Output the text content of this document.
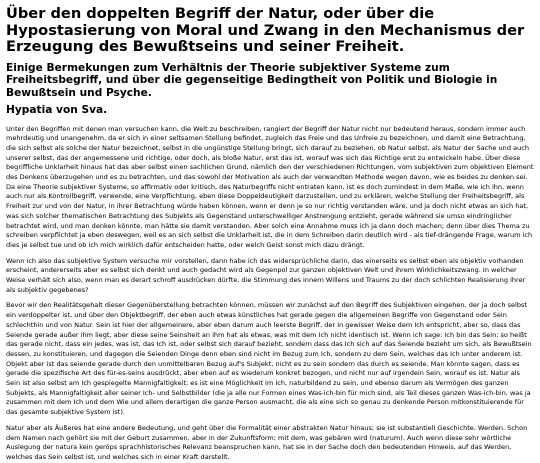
Über den doppelten Begriff der Natur, oder über die Hypostasierung von Moral und Zwang in den Mechanismus der Erzeugung des Bewußtseins und seiner Freiheit.
Einige Bermekungen zum Verhältnis der Theorie subjektiver Systeme zum Freiheitsbegriff, und über die gegenseitige Bedingtheit von Politik und Biologie in Bewußtsein und Psyche.
Hypatia von Sva.

Unter den Begriffen mit denen man versuchen kann, die Welt zu beschreiben, rangiert der Begriff der Natur nicht nur bedeutend heraus, sondern immer auch mehrdeutig und unangenehm, da er sich in einer seltsamen Stellung befindet, zugleich das Freie und das Unfreie zu bezeichnen, und damit eine Betrachtung, die sich selbst als solche der Natur bezeichnet, selbst in die ungünstige Stellung bringt, sich darauf zu beziehen, ob Natur selbst, als Natur der Sache und auch unserer selbst, das der angemessene und richtige, oder doch, als bloße Natur, erst das ist, worauf was sich das Richtige erst zu entwickeln habe. Über diese begriffliche Unklarheit hinaus hat das aber selbst einen sachlichen Grund, nämlich den der verschiedenen Richtungen, vom subjektiven zum objektiven Element des Denkens überzugehen und es zu betrachten, und das sowohl der Motivation als auch der verwandten Methode wegen davon, wie es beides zu denken sei. Da eine Theorie subjektiver Systeme, so affirmativ oder kritisch, des Naturbegriffs nicht entraten kann, ist es doch zumindest in dem Maße, wie ich ihn, wenn auch nur als Kontrollbegriff, verwende, eine Verpflichtung, eben diese Doppeldeutigkeit darzustellen, und zu erklären, welche Stellung der Freiheitsbegriff, als Freiheit zur und von der Natur, in ihrer Betrachtung würde haben können, wenn er denn je so nur richtig verstanden wäre, und ja doch nicht etwas an sich hat, was sich solcher thematischen Betrachtung des Subjekts als Gegenstand unterschwelliger Anstrengung entzieht, gerade während sie umso eindringlicher betrachtet wird, und man denken könnte, man hätte sie damit verstanden. Aber solch eine Annahme muss ich ja dann doch machen; denn über dies Thema zu schreiben verpflichtet ja eben deswegen, weil es an sich selbst die Unklarheit ist, die in dem Schreiben darin deutlich wird - als tief-drängende Frage, warum ich dies je selbst tue und ob ich mich wirklich dafür entscheiden hatte, oder welch Geist sonst mich dazu drängt.

Wenn ich also das subjektive System versuche mir vorstellen, dann habe ich das widersprüchliche darin, das einerseits es selbst eben als objektiv vorhanden erscheint, andererseits aber es selbst sich denkt und auch gedacht wird als Gegenpol zur ganzen objektiven Welt und ihrem Wirklichkeitszwang. In welcher Weise verhält sich also, wenn man es derart schroff ausdrücken dürfte, die Stimmung des innern Willens und Traums zu der doch schlichten Realisierung ihrer als subjektiv gegebenes?

Bevor wir den Realitätsgehalt dieser Gegenüberstellung betrachten können, müssen wir zunächst auf den Begriff des Subjektiven eingehen, der ja doch selbst ein verdoppelter ist, und über den Objektbegriff, der eben auch etwas künstliches hat gerade gegen die allgemeinen Begriffe von Gegenstand oder Sein schlechthin und von Natur. Sein ist hier der allgemeinere, aber eben darum auch leerste Begriff, der in gewisser Weise dem Ich entspricht, aber so, dass das Seiende gerade außer ihm liegt, aber diese seine Seinsheit an ihm hat als etwas, was mit dem Ich nicht identisch ist. Wenn ich sage: Ich bin das Sein; so heißt das gerade nicht, dass ein jedes, was ist, das Ich ist, oder selbst sich darauf bezieht, sondern dass das Ich sich auf das Seiende bezieht um sich, als Bewußtsein dessen, zu konstituieren, und dagegen die Seienden Dinge denn eben sind nicht im Bezug zum Ich, sondern zu dem Sein, welches das Ich unter anderem ist. Objekt aber ist das seiende gerade durch den unmittelbaren Bezug auf's Subjekt, nicht es zu sein sondern das durch es seiende. Man könnte sagen, dass es gerade die spezifische Art des für-es-seins ausdrückt, aber eben auf es wiederum konkret bezogen, und nicht nur auf irgendein Sein, worauf es ist. Natur als Sein ist also selbst am Ich gespiegelte Mannigfaltigkeit; es ist eine Möglichkeit im Ich, naturbildend zu sein, und ebenso darum als Vermögen des ganzen Subjekts, als Mannigfaltigkeit aller seiner Ich- und Selbstbilder (die ja alle nur Formen eines Was-ich-bin für mich sind, als Teil dieses ganzen Was-ich-bin, was ja zusammen mit dem Ich und dem Wie und allem derartigen die ganze Person ausmacht, die als eine sich so genau zu denkende Person mitkonstituierende für das gesamte subjektive System ist).

Natur aber als Äußeres hat eine andere Bedeutung, und geht über die Formalität einer abstrakten Natur hinaus; sie ist substantiell Geschichte, Werden. Schon dem Namen nach gehört sie mit der Geburt zusammen, aber in der Zukunftsform; mit dem, was gebären wird (naturum). Auch wenn diese sehr wörtliche Auslegung der natura kein geröps sprachhistorisches Relevanz beanspruchen kann, hat sie in der Sache doch den bedeutenden Hinweis, auf das Werden, welches das Sein selbst ist, und welches sich in einer Kraft darstellt.
